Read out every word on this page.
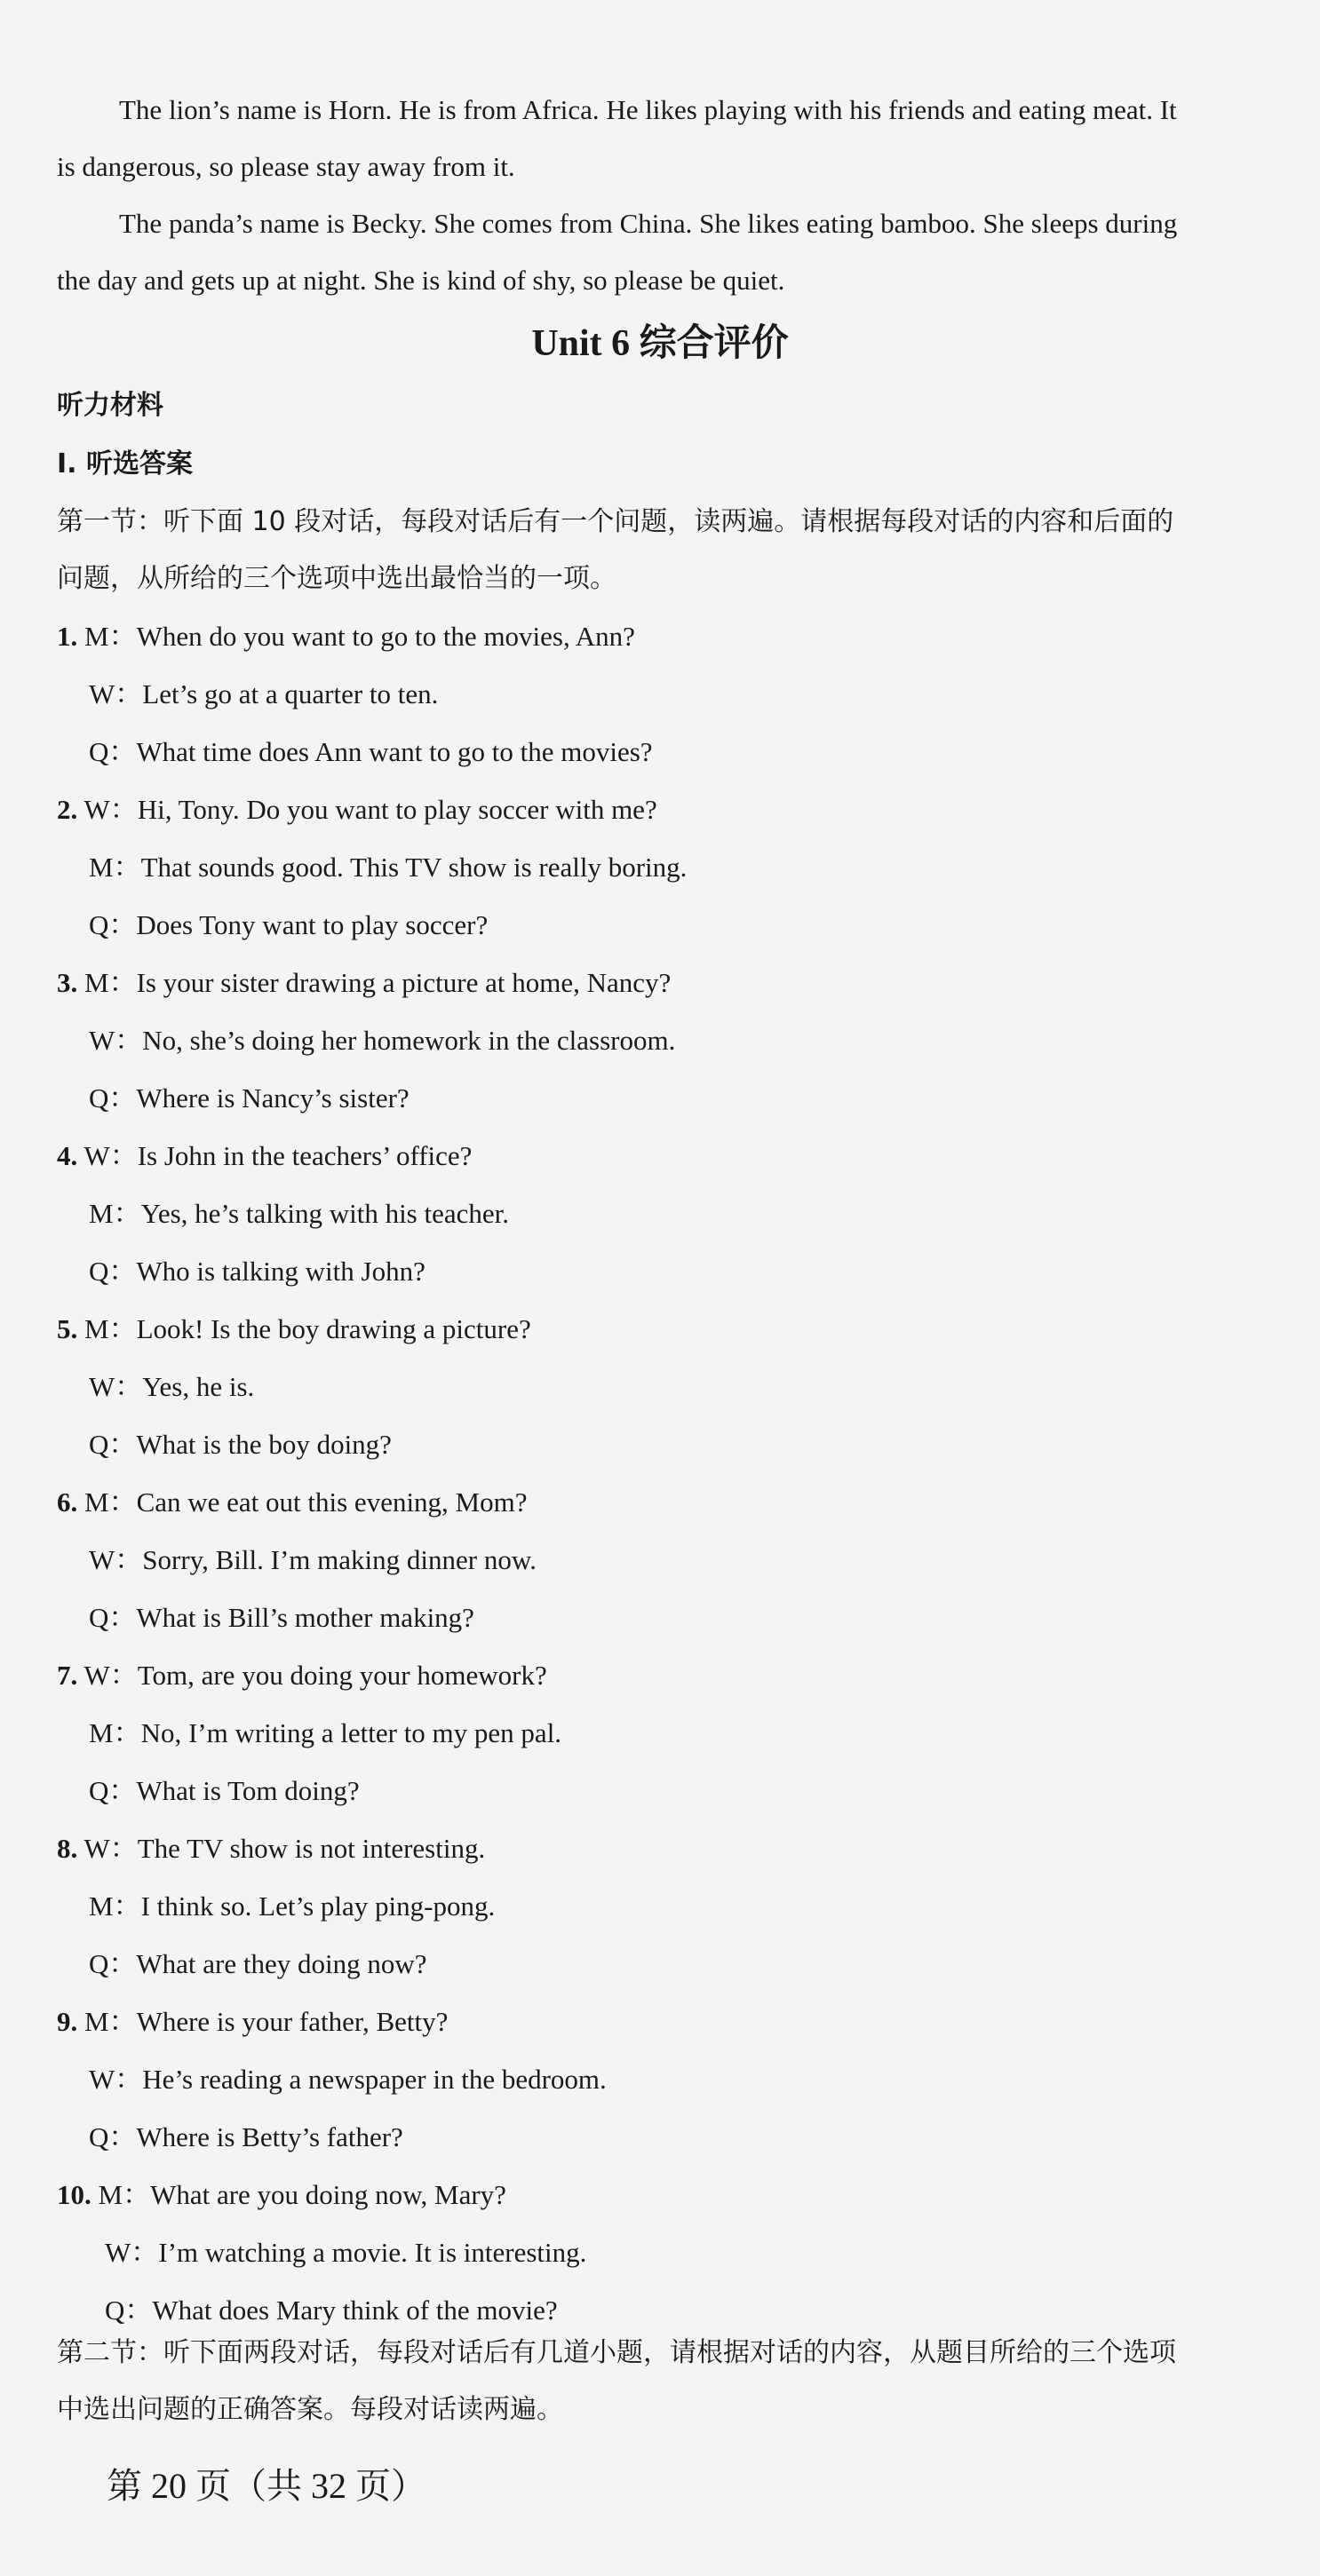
The lion’s name is Horn. He is from Africa. He likes playing with his friends and eating meat. It is dangerous, so please stay away from it.

The panda’s name is Becky. She comes from China. She likes eating bamboo. She sleeps during the day and gets up at night. She is kind of shy, so please be quiet.

Unit 6 综合评价

听力材料

Ⅰ. 听选答案

第一节：听下面 10 段对话，每段对话后有一个问题，读两遍。请根据每段对话的内容和后面的问题，从所给的三个选项中选出最恰当的一项。

1. M：When do you want to go to the movies, Ann?
W：Let’s go at a quarter to ten.
Q：What time does Ann want to go to the movies?
2. W：Hi, Tony. Do you want to play soccer with me?
M：That sounds good. This TV show is really boring.
Q：Does Tony want to play soccer?
3. M：Is your sister drawing a picture at home, Nancy?
W：No, she’s doing her homework in the classroom.
Q：Where is Nancy’s sister?
4. W：Is John in the teachers’ office?
M：Yes, he’s talking with his teacher.
Q：Who is talking with John?
5. M：Look! Is the boy drawing a picture?
W：Yes, he is.
Q：What is the boy doing?
6. M：Can we eat out this evening, Mom?
W：Sorry, Bill. I’m making dinner now.
Q：What is Bill’s mother making?
7. W：Tom, are you doing your homework?
M：No, I’m writing a letter to my pen pal.
Q：What is Tom doing?
8. W：The TV show is not interesting.
M：I think so. Let’s play ping-pong.
Q：What are they doing now?
9. M：Where is your father, Betty?
W：He’s reading a newspaper in the bedroom.
Q：Where is Betty’s father?
10. M：What are you doing now, Mary?
W：I’m watching a movie. It is interesting.
Q：What does Mary think of the movie?

第二节：听下面两段对话，每段对话后有几道小题，请根据对话的内容，从题目所给的三个选项中选出问题的正确答案。每段对话读两遍。

第 20 页（共 32 页）
